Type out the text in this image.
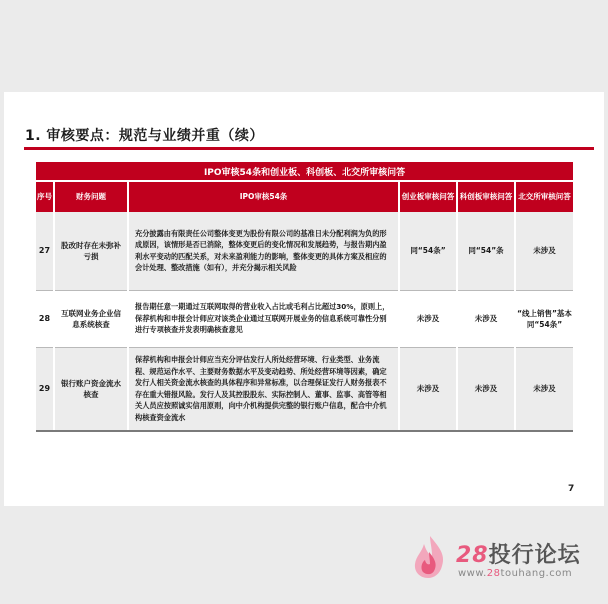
1. 审核要点：规范与业绩并重（续）
IPO审核54条和创业板、科创板、北交所审核问答					
序号	财务问题	IPO审核54条	创业板审核问答	科创板审核问答	北交所审核问答
27	股改时存在未弥补亏损	充分披露由有限责任公司整体变更为股份有限公司的基准日未分配利润为负的形成原因，该情形是否已消除，整体变更后的变化情况和发展趋势，与报告期内盈利水平变动的匹配关系，对未来盈利能力的影响，整体变更的具体方案及相应的会计处理、整改措施（如有），并充分揭示相关风险	同“54条”	同“54”条	未涉及
28	互联网业务企业信息系统核查	报告期任意一期通过互联网取得的营业收入占比或毛利占比超过30%，原则上，保荐机构和申报会计师应对该类企业通过互联网开展业务的信息系统可靠性分别进行专项核查并发表明确核查意见	未涉及	未涉及	“线上销售”基本同“54条”
29	银行账户资金流水核查	保荐机构和申报会计师应当充分评估发行人所处经营环境、行业类型、业务流程、规范运作水平、主要财务数据水平及变动趋势、所处经营环境等因素，确定发行人相关资金流水核查的具体程序和异常标准，以合理保证发行人财务报表不存在重大错报风险。发行人及其控股股东、实际控制人、董事、监事、高管等相关人员应按照诚实信用原则，向中介机构提供完整的银行账户信息，配合中介机构核查资金流水	未涉及	未涉及	未涉及
7
28投行论坛
www.28touhang.com
